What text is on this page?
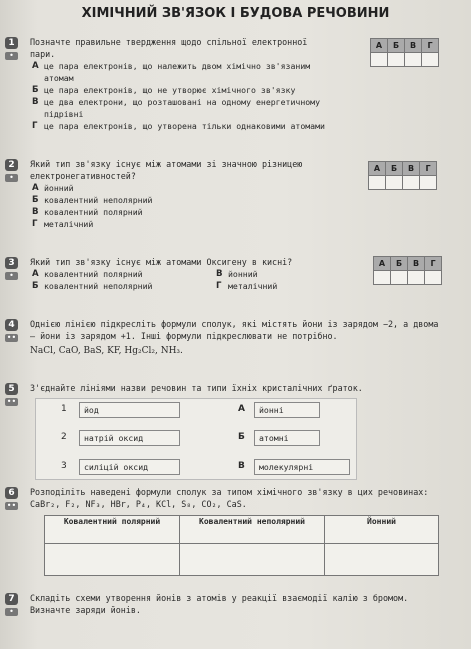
ХІМІЧНИЙ ЗВ'ЯЗОК І БУДОВА РЕЧОВИНИ
1
•
Позначте правильне твердження щодо спільної електронної пари.
А це пара електронів, що належить двом хімічно зв'язаним атомам
Б це пара електронів, що не утворює хімічного зв'язку
В це два електрони, що розташовані на одному енергетичному підрівні
Г це пара електронів, що утворена тільки однаковими атомами
А	Б	В	Г

2
•
Який тип зв'язку існує між атомами зі значною різницею електронегативностей?
А йонний
Б ковалентний неполярний
В ковалентний полярний
Г металічний
А	Б	В	Г

3
•
Який тип зв'язку існує між атомами Оксигену в кисні?
А ковалентний полярний	В йонний
Б ковалентний неполярний	Г металічний
А	Б	В	Г

4
••
Однією лінією підкресліть формули сполук, які містять йони із зарядом −2, а двома — йони із зарядом +1. Інші формули підкреслювати не потрібно.
NaCl, CaO, BaS, KF, Hg₂Cl₂, NH₃.
5
••
З'єднайте лініями назви речовин та типи їхніх кристалічних ґраток.
1	йод	А	йонні
2	натрій оксид	Б	атомні
3	силіцій оксид	В	молекулярні
6
••
Розподіліть наведені формули сполук за типом хімічного зв'язку в цих речовинах: CaBr₂, F₂, NF₃, HBr, P₄, KCl, S₈, CO₂, CaS.
Ковалентний полярний	Ковалентний неполярний	Йонний

7
•
Складіть схеми утворення йонів з атомів у реакції взаємодії калію з бромом. Визначте заряди йонів.
